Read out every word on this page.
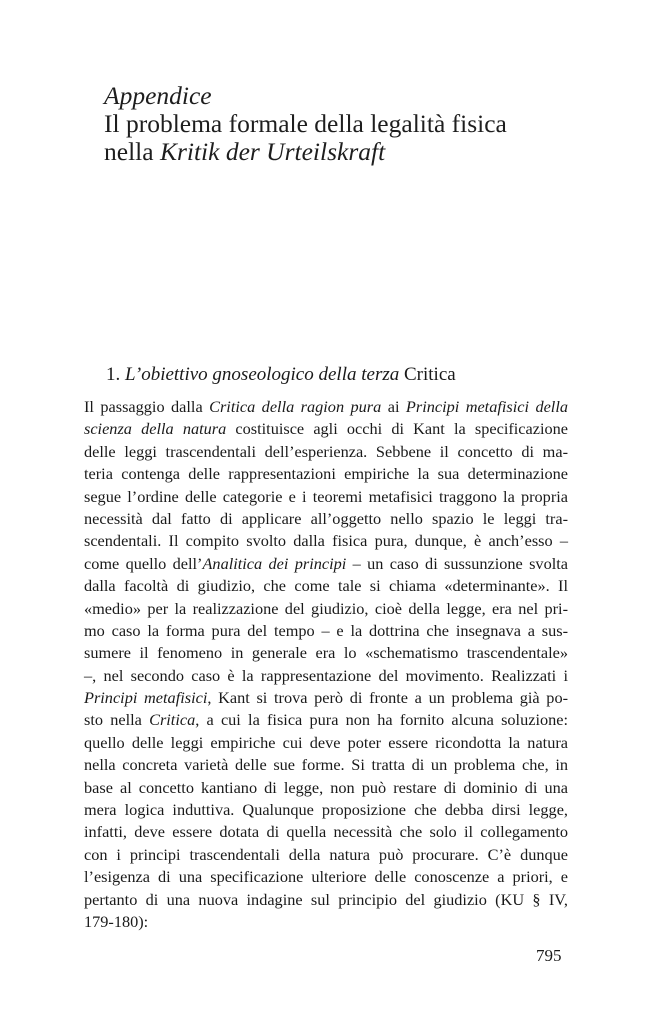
Appendice
Il problema formale della legalità fisica
nella Kritik der Urteilskraft
1. L’obiettivo gnoseologico della terza Critica
Il passaggio dalla Critica della ragion pura ai Principi metafisici della
scienza della natura costituisce agli occhi di Kant la specificazione
delle leggi trascendentali dell’esperienza. Sebbene il concetto di ma-
teria contenga delle rappresentazioni empiriche la sua determinazione
segue l’ordine delle categorie e i teoremi metafisici traggono la propria
necessità dal fatto di applicare all’oggetto nello spazio le leggi tra-
scendentali. Il compito svolto dalla fisica pura, dunque, è anch’esso –
come quello dell’Analitica dei principi – un caso di sussunzione svolta
dalla facoltà di giudizio, che come tale si chiama «determinante». Il
«medio» per la realizzazione del giudizio, cioè della legge, era nel pri-
mo caso la forma pura del tempo – e la dottrina che insegnava a sus-
sumere il fenomeno in generale era lo «schematismo trascendentale»
–, nel secondo caso è la rappresentazione del movimento. Realizzati i
Principi metafisici, Kant si trova però di fronte a un problema già po-
sto nella Critica, a cui la fisica pura non ha fornito alcuna soluzione:
quello delle leggi empiriche cui deve poter essere ricondotta la natura
nella concreta varietà delle sue forme. Si tratta di un problema che, in
base al concetto kantiano di legge, non può restare di dominio di una
mera logica induttiva. Qualunque proposizione che debba dirsi legge,
infatti, deve essere dotata di quella necessità che solo il collegamento
con i principi trascendentali della natura può procurare. C’è dunque
l’esigenza di una specificazione ulteriore delle conoscenze a priori, e
pertanto di una nuova indagine sul principio del giudizio (KU § IV,
179-180):
795
